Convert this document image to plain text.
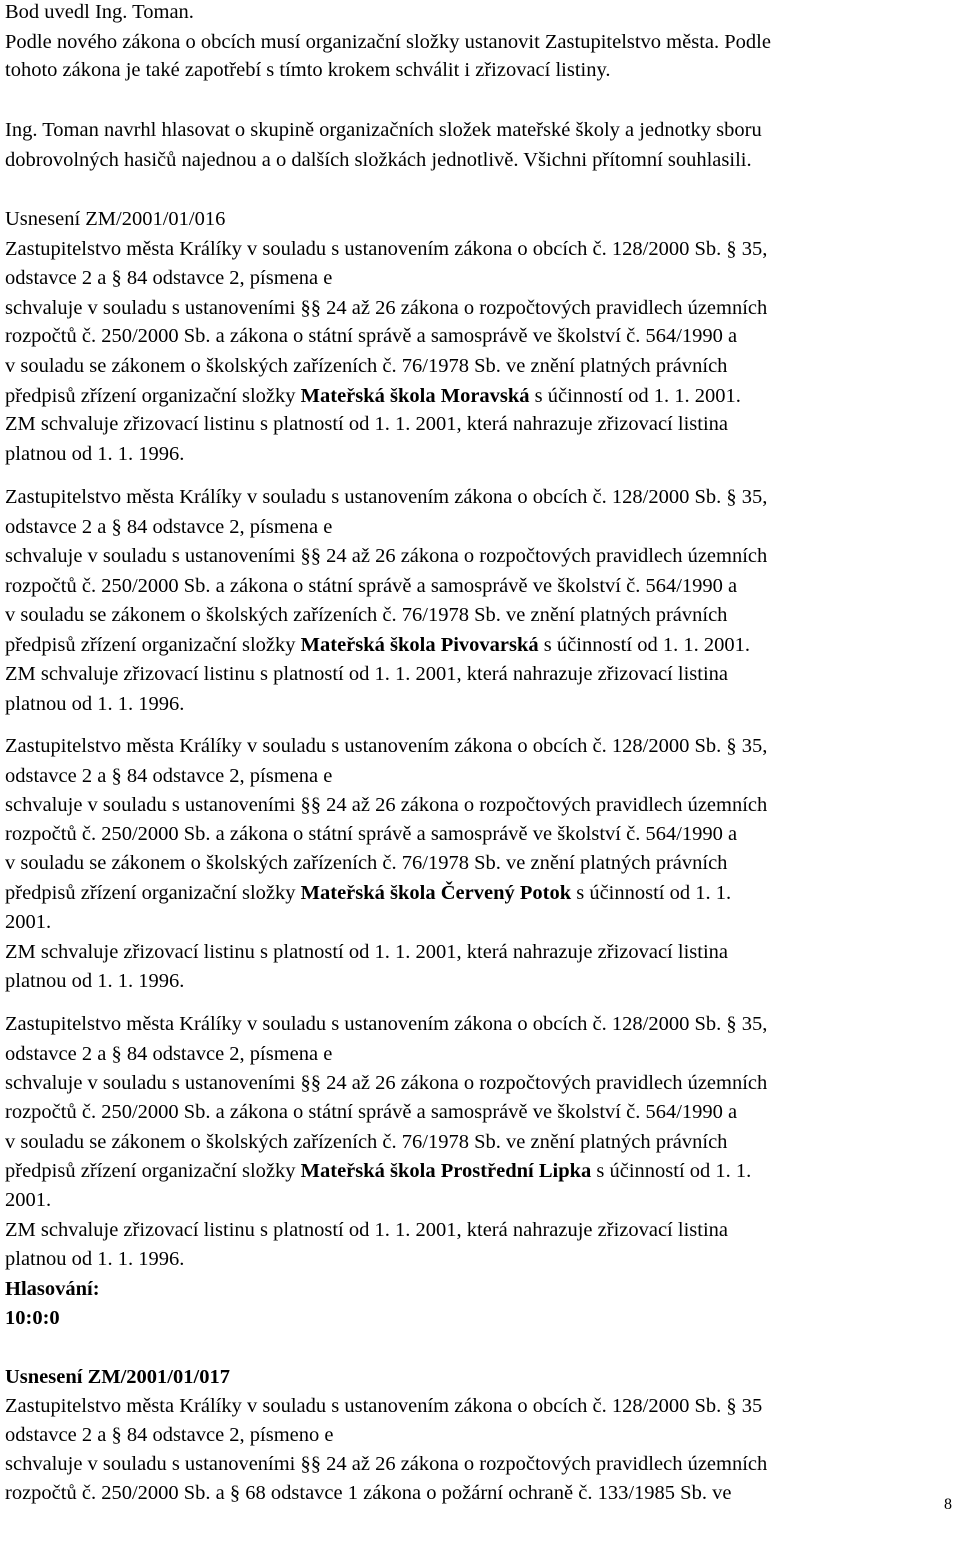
Bod uvedl Ing. Toman.
Podle nového zákona o obcích musí organizační složky ustanovit Zastupitelstvo města. Podle
tohoto zákona je také zapotřebí s tímto krokem schválit i zřizovací listiny.
Ing. Toman navrhl hlasovat o skupině organizačních složek mateřské školy a jednotky sboru
dobrovolných hasičů najednou a o dalších složkách jednotlivě. Všichni přítomní souhlasili.
Usnesení ZM/2001/01/016
Zastupitelstvo města Králíky v souladu s ustanovením zákona o obcích č. 128/2000 Sb. § 35,
odstavce 2 a § 84 odstavce 2, písmena e
schvaluje v souladu s ustanoveními §§ 24 až 26 zákona o rozpočtových pravidlech územních
rozpočtů č. 250/2000 Sb. a zákona o státní správě a samosprávě ve školství č. 564/1990 a
v souladu se zákonem o školských zařízeních č. 76/1978 Sb. ve znění platných právních
předpisů zřízení organizační složky Mateřská škola Moravská s účinností od 1. 1. 2001.
ZM schvaluje zřizovací listinu s platností od 1. 1. 2001, která nahrazuje zřizovací listina
platnou od 1. 1. 1996.
Zastupitelstvo města Králíky v souladu s ustanovením zákona o obcích č. 128/2000 Sb. § 35,
odstavce 2 a § 84 odstavce 2, písmena e
schvaluje v souladu s ustanoveními §§ 24 až 26 zákona o rozpočtových pravidlech územních
rozpočtů č. 250/2000 Sb. a zákona o státní správě a samosprávě ve školství č. 564/1990 a
v souladu se zákonem o školských zařízeních č. 76/1978 Sb. ve znění platných právních
předpisů zřízení organizační složky Mateřská škola Pivovarská s účinností od 1. 1. 2001.
ZM schvaluje zřizovací listinu s platností od 1. 1. 2001, která nahrazuje zřizovací listina
platnou od 1. 1. 1996.
Zastupitelstvo města Králíky v souladu s ustanovením zákona o obcích č. 128/2000 Sb. § 35,
odstavce 2 a § 84 odstavce 2, písmena e
schvaluje v souladu s ustanoveními §§ 24 až 26 zákona o rozpočtových pravidlech územních
rozpočtů č. 250/2000 Sb. a zákona o státní správě a samosprávě ve školství č. 564/1990 a
v souladu se zákonem o školských zařízeních č. 76/1978 Sb. ve znění platných právních
předpisů zřízení organizační složky Mateřská škola Červený Potok s účinností od 1. 1.
2001.
ZM schvaluje zřizovací listinu s platností od 1. 1. 2001, která nahrazuje zřizovací listina
platnou od 1. 1. 1996.
Zastupitelstvo města Králíky v souladu s ustanovením zákona o obcích č. 128/2000 Sb. § 35,
odstavce 2 a § 84 odstavce 2, písmena e
schvaluje v souladu s ustanoveními §§ 24 až 26 zákona o rozpočtových pravidlech územních
rozpočtů č. 250/2000 Sb. a zákona o státní správě a samosprávě ve školství č. 564/1990 a
v souladu se zákonem o školských zařízeních č. 76/1978 Sb. ve znění platných právních
předpisů zřízení organizační složky Mateřská škola Prostřední Lipka s účinností od 1. 1.
2001.
ZM schvaluje zřizovací listinu s platností od 1. 1. 2001, která nahrazuje zřizovací listina
platnou od 1. 1. 1996.
Hlasování:
10:0:0
Usnesení ZM/2001/01/017
Zastupitelstvo města Králíky v souladu s ustanovením zákona o obcích č. 128/2000 Sb. § 35
odstavce 2 a § 84 odstavce 2, písmeno e
schvaluje v souladu s ustanoveními §§ 24 až 26 zákona o rozpočtových pravidlech územních
rozpočtů č. 250/2000 Sb. a § 68 odstavce 1 zákona o požární ochraně č. 133/1985 Sb. ve
8
